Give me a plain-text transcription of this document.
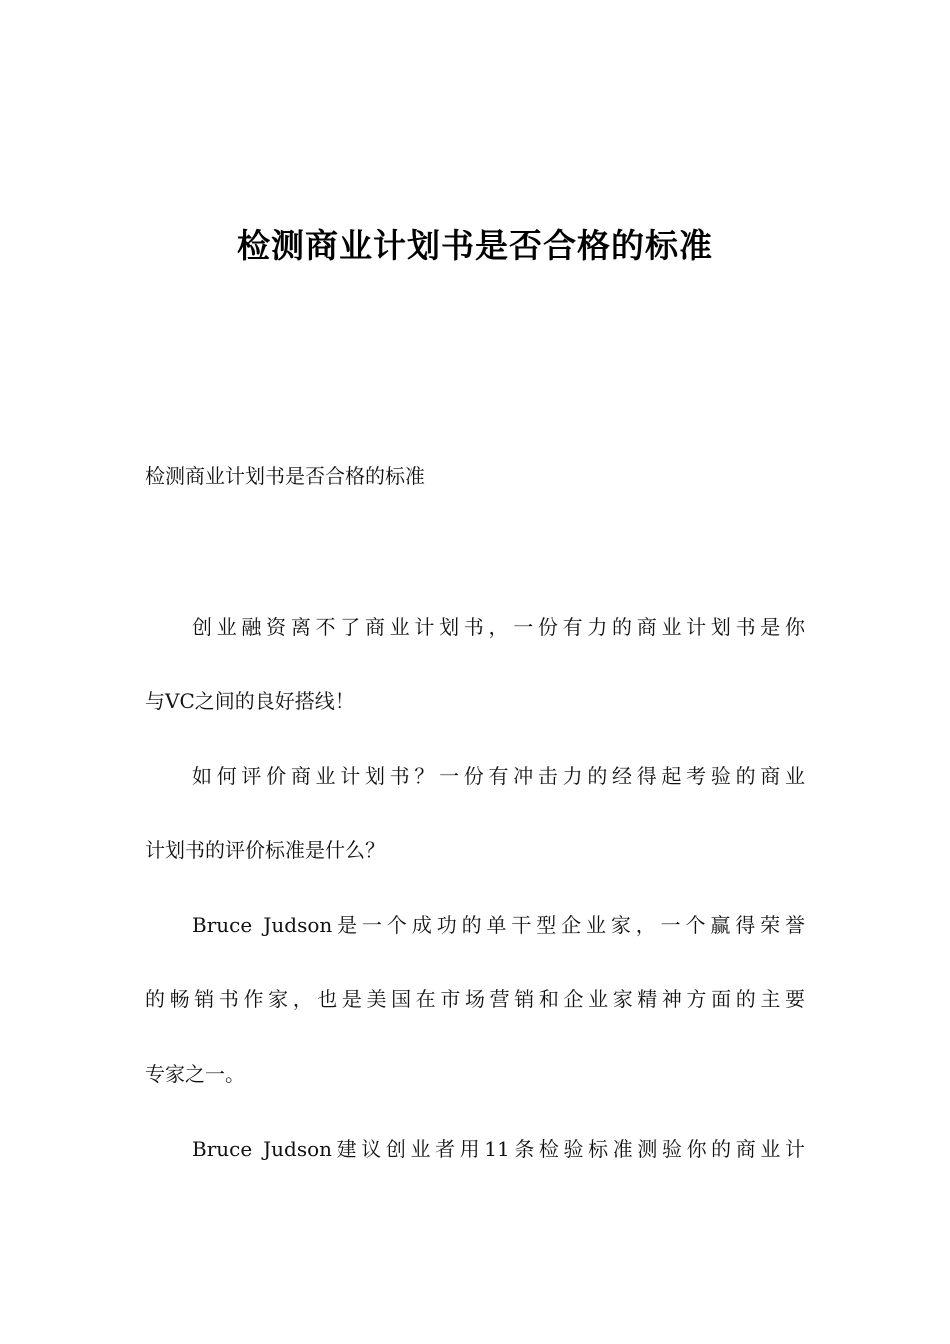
检测商业计划书是否合格的标准
检测商业计划书是否合格的标准
创业融资离不了商业计划书，一份有力的商业计划书是你
与VC之间的良好搭线！
如何评价商业计划书？一份有冲击力的经得起考验的商业
计划书的评价标准是什么？
Bruce Judson是一个成功的单干型企业家，一个赢得荣誉
的畅销书作家，也是美国在市场营销和企业家精神方面的主要
专家之一。
Bruce Judson建议创业者用11条检验标准测验你的商业计
